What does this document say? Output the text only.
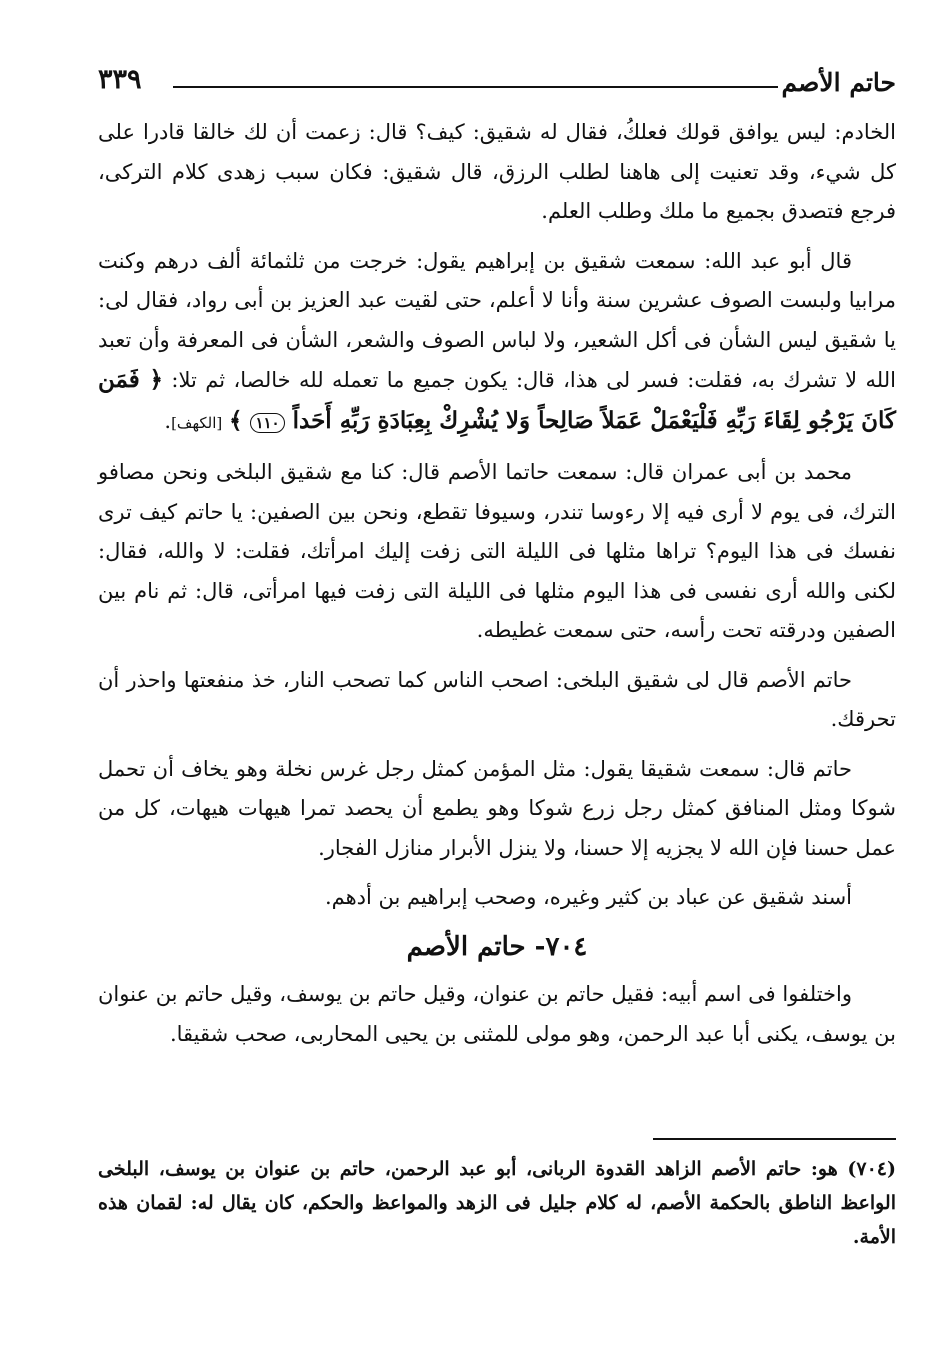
حاتم الأصم
٣٣٩

الخادم: ليس يوافق قولك فعلكُ، فقال له شقيق: كيف؟ قال: زعمت أن لك خالقا قادرا على كل شيء، وقد تعنيت إلى هاهنا لطلب الرزق، قال شقيق: فكان سبب زهدى كلام التركى، فرجع فتصدق بجميع ما ملك وطلب العلم.

قال أبو عبد الله: سمعت شقيق بن إبراهيم يقول: خرجت من ثلثمائة ألف درهم وكنت مرابيا ولبست الصوف عشرين سنة وأنا لا أعلم، حتى لقيت عبد العزيز بن أبى رواد، فقال لى: يا شقيق ليس الشأن فى أكل الشعير، ولا لباس الصوف والشعر، الشأن فى المعرفة وأن تعبد الله لا تشرك به، فقلت: فسر لى هذا، قال: يكون جميع ما تعمله لله خالصا، ثم تلا: ﴿ فَمَن كَانَ يَرْجُو لِقَاءَ رَبِّهِ فَلْيَعْمَلْ عَمَلاً صَالِحاً وَلا يُشْرِكْ بِعِبَادَةِ رَبِّهِ أَحَداً ١١٠ ﴾ [الكهف].

محمد بن أبى عمران قال: سمعت حاتما الأصم قال: كنا مع شقيق البلخى ونحن مصافو الترك، فى يوم لا أرى فيه إلا رءوسا تندر، وسيوفا تقطع، ونحن بين الصفين: يا حاتم كيف ترى نفسك فى هذا اليوم؟ تراها مثلها فى الليلة التى زفت إليك امرأتك، فقلت: لا والله، فقال: لكنى والله أرى نفسى فى هذا اليوم مثلها فى الليلة التى زفت فيها امرأتى، قال: ثم نام بين الصفين ودرقته تحت رأسه، حتى سمعت غطيطه.

حاتم الأصم قال لى شقيق البلخى: اصحب الناس كما تصحب النار، خذ منفعتها واحذر أن تحرقك.

حاتم قال: سمعت شقيقا يقول: مثل المؤمن كمثل رجل غرس نخلة وهو يخاف أن تحمل شوكا ومثل المنافق كمثل رجل زرع شوكا وهو يطمع أن يحصد تمرا هيهات هيهات، كل من عمل حسنا فإن الله لا يجزيه إلا حسنا، ولا ينزل الأبرار منازل الفجار.

أسند شقيق عن عباد بن كثير وغيره، وصحب إبراهيم بن أدهم.

٧٠٤- حاتم الأصم

واختلفوا فى اسم أبيه: فقيل حاتم بن عنوان، وقيل حاتم بن يوسف، وقيل حاتم بن عنوان بن يوسف، يكنى أبا عبد الرحمن، وهو مولى للمثنى بن يحيى المحاربى، صحب شقيقا.

(٧٠٤) هو: حاتم الأصم الزاهد القدوة الربانى، أبو عبد الرحمن، حاتم بن عنوان بن يوسف، البلخى الواعظ الناطق بالحكمة الأصم، له كلام جليل فى الزهد والمواعظ والحكم، كان يقال له: لقمان هذه الأمة.
